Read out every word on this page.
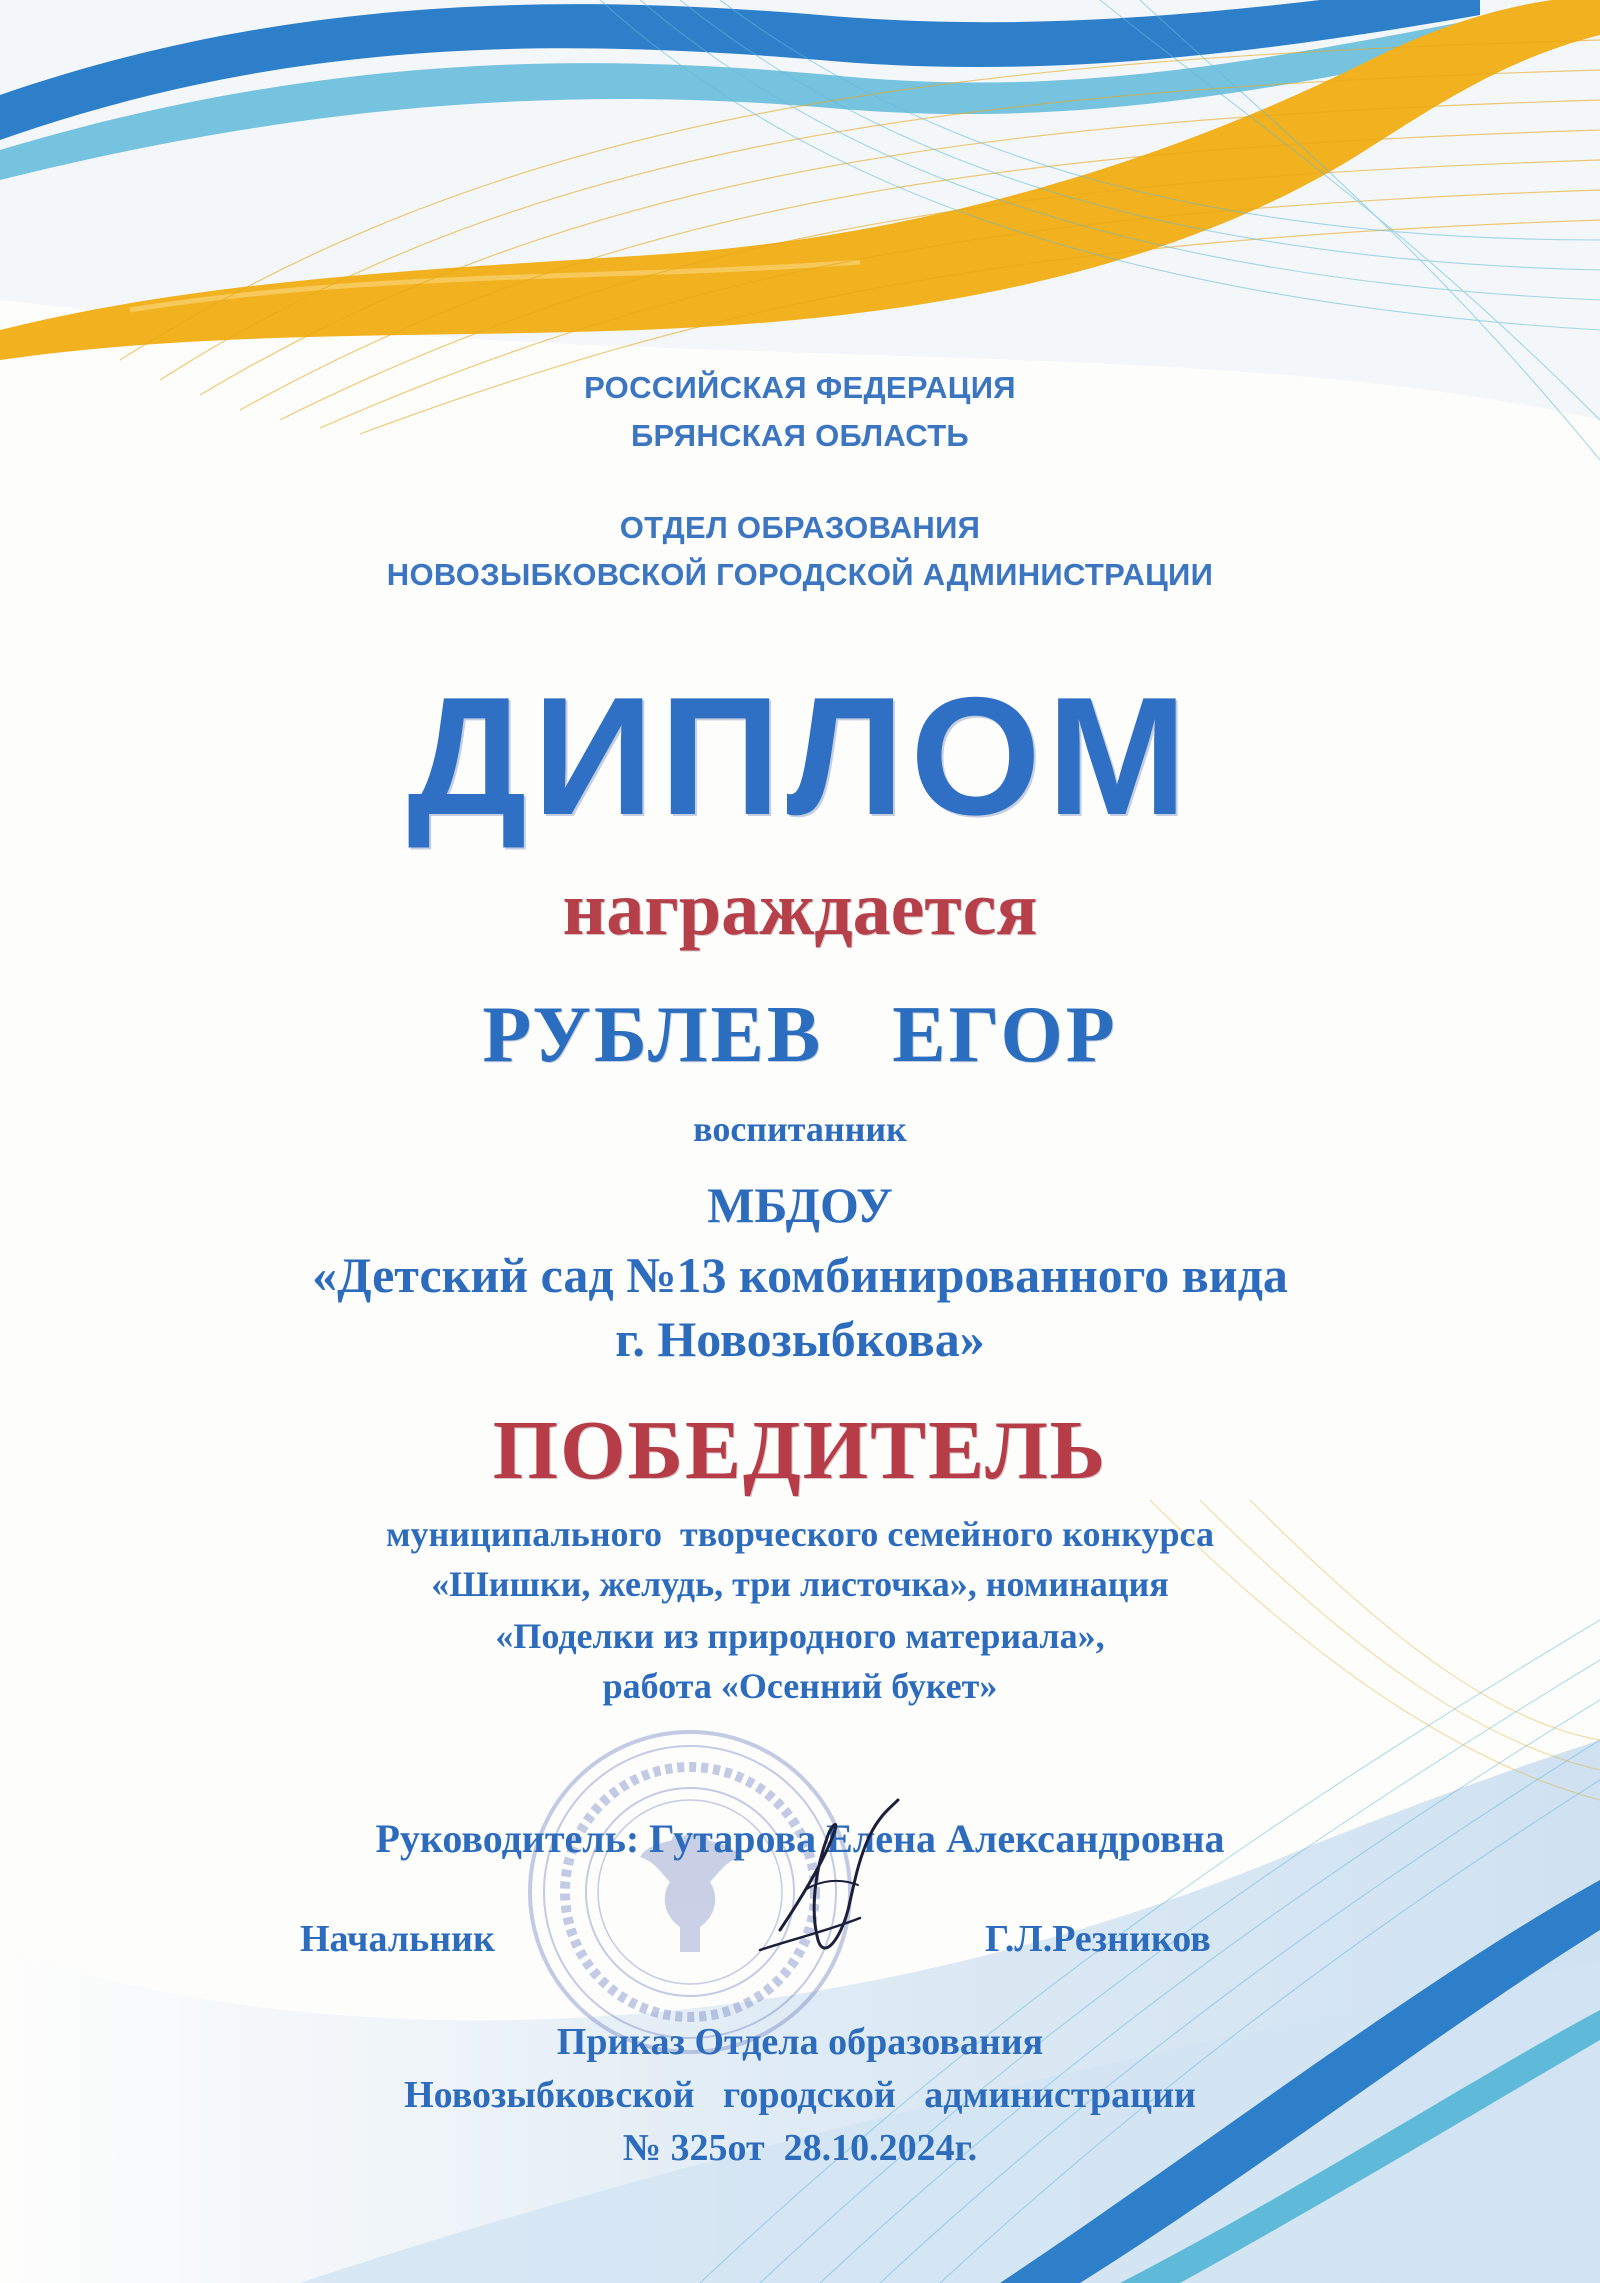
РОССИЙСКАЯ ФЕДЕРАЦИЯ
БРЯНСКАЯ ОБЛАСТЬ
ОТДЕЛ ОБРАЗОВАНИЯ
НОВОЗЫБКОВСКОЙ ГОРОДСКОЙ АДМИНИСТРАЦИИ
ДИПЛОМ
награждается
РУБЛЕВ   ЕГОР
воспитанник
МБДОУ
«Детский сад №13 комбинированного вида
г. Новозыбкова»
ПОБЕДИТЕЛЬ
муниципального  творческого семейного конкурса
«Шишки, желудь, три листочка», номинация
«Поделки из природного материала»,
работа «Осенний букет»
Руководитель: Гутарова Елена Александровна
Начальник	Г.Л.Резников
Приказ Отдела образования
Новозыбковской   городской   администрации
№ 325от  28.10.2024г.
